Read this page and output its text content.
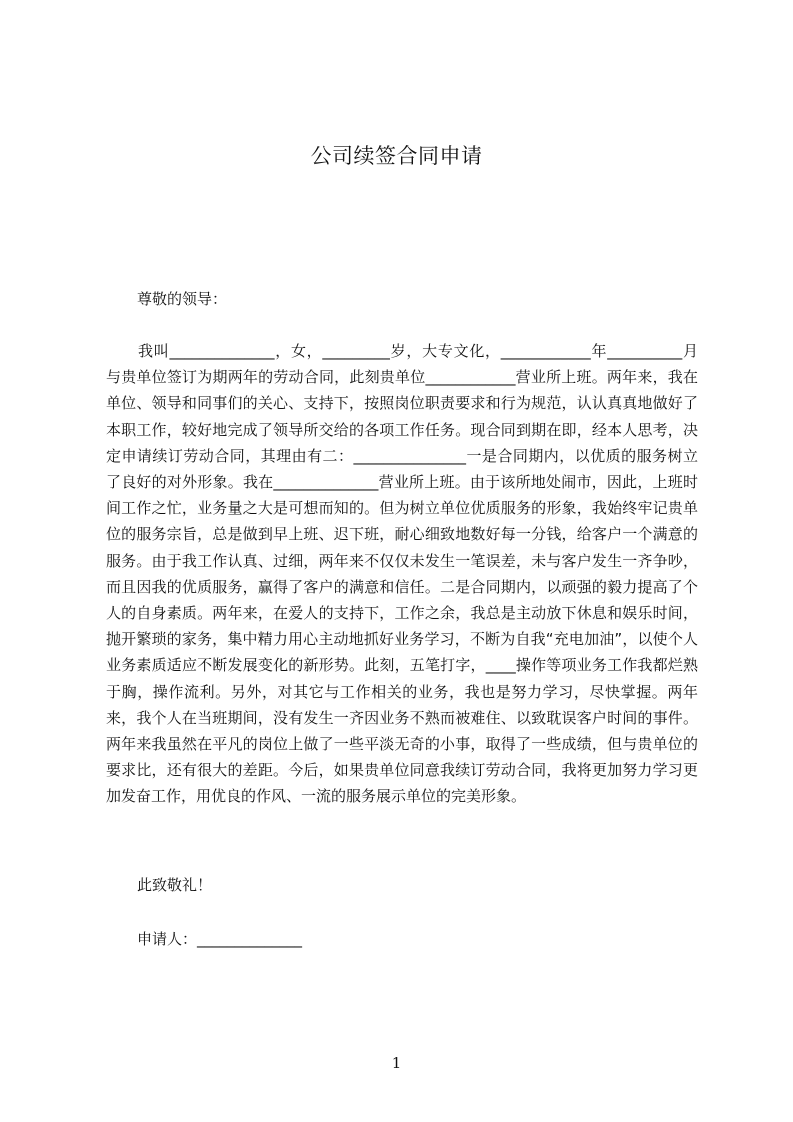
公司续签合同申请

尊敬的领导：

我叫______________，女，_________岁，大专文化，____________年__________月与贵单位签订为期两年的劳动合同，此刻贵单位____________营业所上班。两年来，我在单位、领导和同事们的关心、支持下，按照岗位职责要求和行为规范，认认真真地做好了本职工作，较好地完成了领导所交给的各项工作任务。现合同到期在即，经本人思考，决定申请续订劳动合同，其理由有二：_______________一是合同期内，以优质的服务树立了良好的对外形象。我在______________营业所上班。由于该所地处闹市，因此，上班时间工作之忙，业务量之大是可想而知的。但为树立单位优质服务的形象，我始终牢记贵单位的服务宗旨，总是做到早上班、迟下班，耐心细致地数好每一分钱，给客户一个满意的服务。由于我工作认真、过细，两年来不仅仅未发生一笔误差，未与客户发生一齐争吵，而且因我的优质服务，赢得了客户的满意和信任。二是合同期内，以顽强的毅力提高了个人的自身素质。两年来，在爱人的支持下，工作之余，我总是主动放下休息和娱乐时间，抛开繁琐的家务，集中精力用心主动地抓好业务学习，不断为自我“充电加油”，以使个人业务素质适应不断发展变化的新形势。此刻，五笔打字，____操作等项业务工作我都烂熟于胸，操作流利。另外，对其它与工作相关的业务，我也是努力学习，尽快掌握。两年来，我个人在当班期间，没有发生一齐因业务不熟而被难住、以致耽误客户时间的事件。两年来我虽然在平凡的岗位上做了一些平淡无奇的小事，取得了一些成绩，但与贵单位的要求比，还有很大的差距。今后，如果贵单位同意我续订劳动合同，我将更加努力学习更加发奋工作，用优良的作风、一流的服务展示单位的完美形象。

此致敬礼！

申请人：______________

1
